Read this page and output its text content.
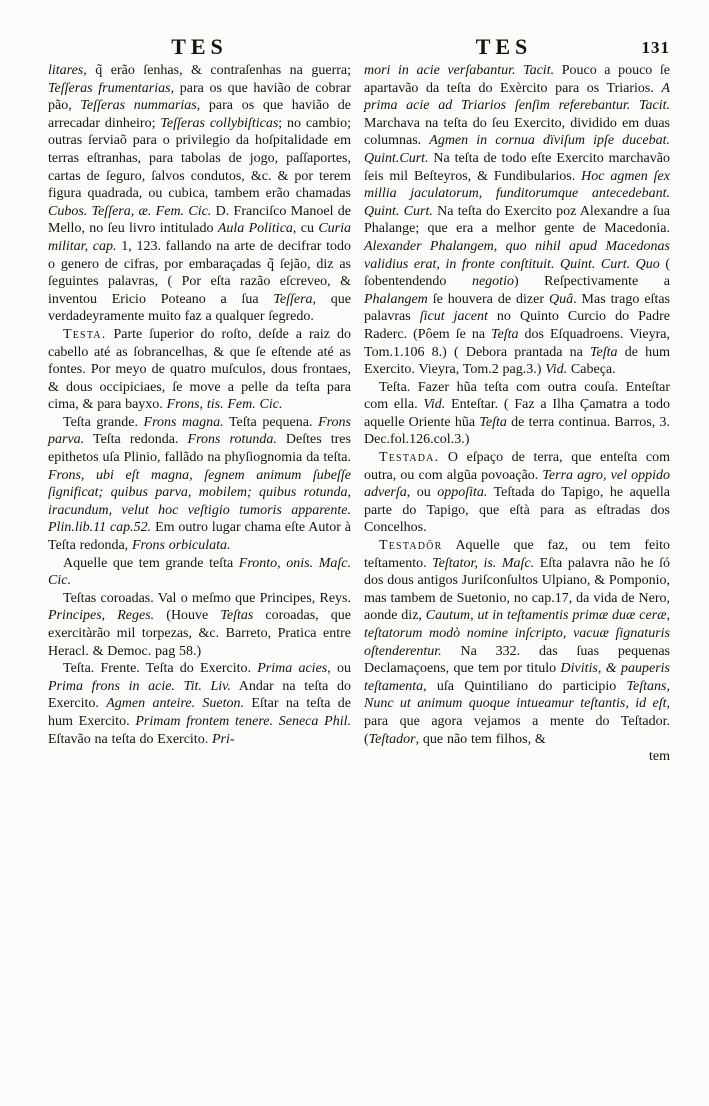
TES	TES	131

litares, q̃ erão ſenhas, & contraſenhas na guerra; Teſſeras frumentarias, para os que havião de cobrar pão, Teſſeras nummarias, para os que havião de arrecadar dinheiro; Teſſeras collybiſticas; no cambio; outras ſerviaõ para o privilegio da hoſpitalidade em terras eſtranhas, para tabolas de jogo, paſſaportes, cartas de ſeguro, ſalvos condutos, &c. & por terem figura quadrada, ou cubica, tambem erão chamadas Cubos. Teſſera, æ. Fem. Cic. D. Franciſco Manoel de Mello, no ſeu livro intitulado Aula Politica, cu Curia militar, cap. 1, 123. fallando na arte de decifrar todo o genero de cifras, por embaraçadas q̃ ſejão, diz as ſeguintes palavras, ( Por eſta razão eſcreveo, & inventou Ericio Poteano a ſua Teſſera, que verdadeyramente muito faz a qualquer ſegredo.

Testa. Parte ſuperior do roſto, deſde a raiz do cabello até as ſobrancelhas, & que ſe eſtende até as fontes. Por meyo de quatro muſculos, dous frontaes, & dous occipiciaes, ſe move a pelle da teſta para cima, & para bayxo. Frons, tis. Fem. Cic.

Teſta grande. Frons magna. Teſta pequena. Frons parva. Teſta redonda. Frons rotunda. Deſtes tres epithetos uſa Plinio, fallãdo na phyſiognomia da teſta. Frons, ubi eſt magna, ſegnem animum ſubeſſe ſignificat; quibus parva, mobilem; quibus rotunda, iracundum, velut hoc veſtigio tumoris apparente. Plin.lib.11 cap.52. Em outro lugar chama eſte Autor à Teſta redonda, Frons orbiculata.

Aquelle que tem grande teſta Fronto, onis. Maſc. Cic.

Teſtas coroadas. Val o meſmo que Principes, Reys. Principes, Reges. (Houve Teſtas coroadas, que exercitàrão mil torpezas, &c. Barreto, Pratica entre Heracl. & Democ. pag 58.)

Teſta. Frente. Teſta do Exercito. Prima acies, ou Prima frons in acie. Tit. Liv. Andar na teſta do Exercito. Agmen anteire. Sueton. Eſtar na teſta de hum Exercito. Primam frontem tenere. Seneca Phil. Eſtavão na teſta do Exercito. Pri-

mori in acie verſabantur. Tacit. Pouco a pouco ſe apartavão da teſta do Exèrcito para os Triarios. A prima acie ad Triarios ſenſim referebantur. Tacit. Marchava na teſta do ſeu Exercito, dividido em duas columnas. Agmen in cornua dïviſum ipſe ducebat. Quint.Curt. Na teſta de todo eſte Exercito marchavão ſeis mil Beſteyros, & Fundibularios. Hoc agmen ſex millia jaculatorum, funditorumque antecedebant. Quint. Curt. Na teſta do Exercito poz Alexandre a ſua Phalange; que era a melhor gente de Macedonia. Alexander Phalangem, quo nihil apud Macedonas validius erat, in fronte conſtituit. Quint. Curt. Quo ( ſobentendendo negotio) Reſpectivamente a Phalangem ſe houvera de dizer Quâ. Mas trago eſtas palavras ſicut jacent no Quinto Curcio do Padre Raderc. (Pôem ſe na Teſta dos Eſquadroens. Vieyra, Tom.1.106 8.) ( Debora prantada na Teſta de hum Exercito. Vieyra, Tom.2 pag.3.) Vid. Cabeça.

Teſta. Fazer hũa teſta com outra couſa. Enteſtar com ella. Vid. Enteſtar. ( Faz a Ilha Çamatra a todo aquelle Oriente hũa Teſta de terra continua. Barros, 3. Dec.fol.126.col.3.)

Testada. O eſpaço de terra, que enteſta com outra, ou com algũa povoação. Terra agro, vel oppido adverſa, ou oppoſita. Teſtada do Tapigo, he aquella parte do Tapigo, que eſtà para as eſtradas dos Concelhos.

Testadôr Aquelle que faz, ou tem feito teſtamento. Teſtator, is. Maſc. Eſta palavra não he ſó dos dous antigos Juriſconſultos Ulpiano, & Pomponio, mas tambem de Suetonio, no cap.17, da vida de Nero, aonde diz, Cautum, ut in teſtamentis primæ duæ ceræ, teſtatorum modò nomine inſcripto, vacuæ ſignaturis oſtenderentur. Na 332. das ſuas pequenas Declamaçoens, que tem por titulo Divitis, & pauperis teſtamenta, uſa Quintiliano do participio Teſtans, Nunc ut animum quoque intueamur teſtantis, id eſt, para que agora vejamos a mente do Teſtador. (Teſtador, que não tem filhos, &

tem
